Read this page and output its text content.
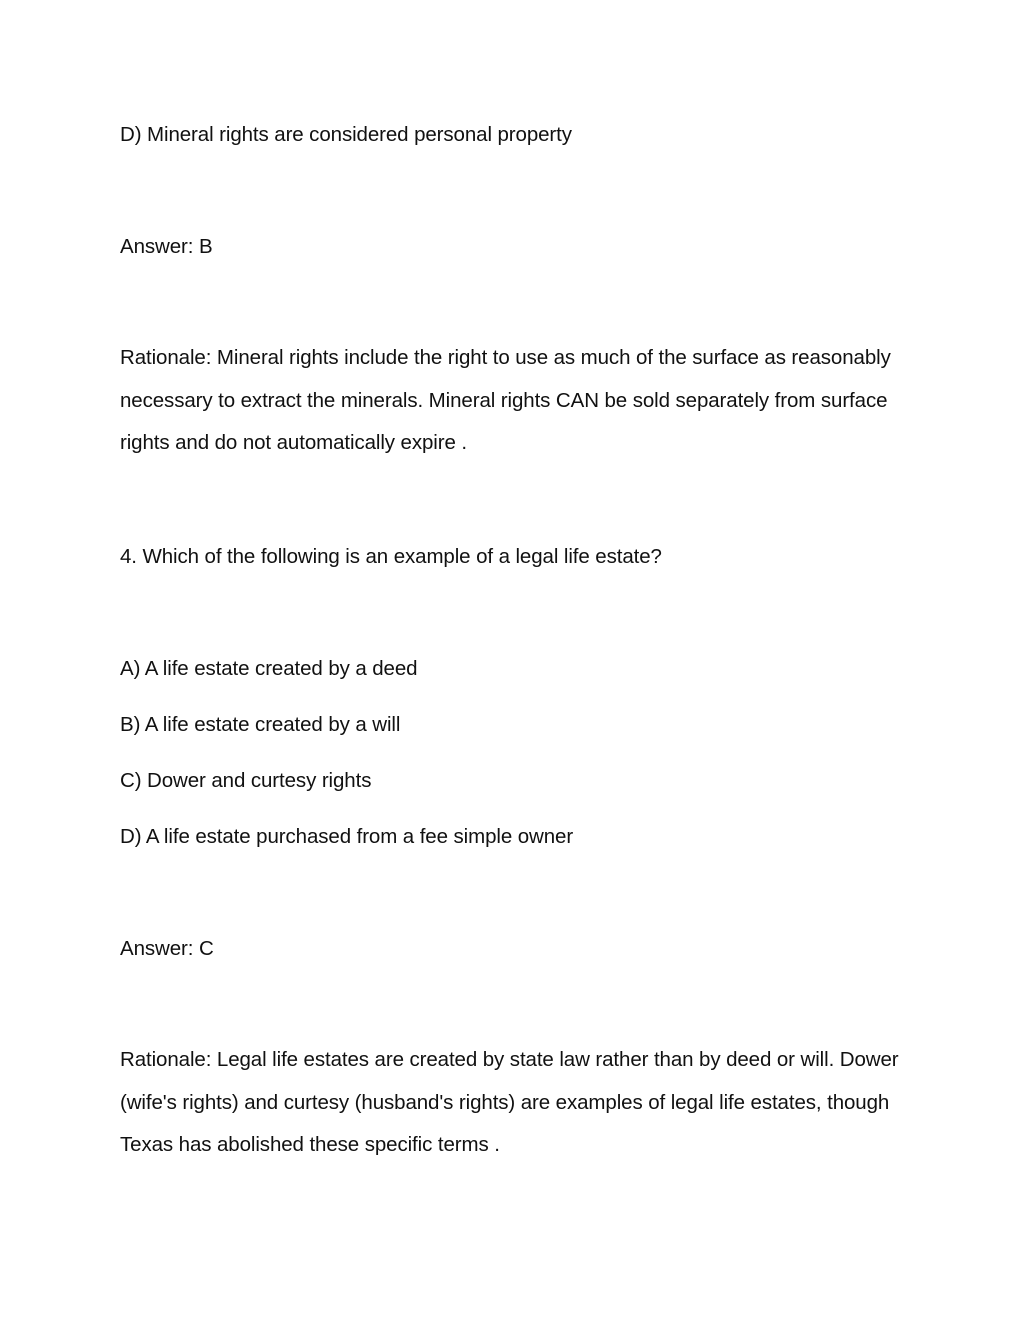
D) Mineral rights are considered personal property
Answer: B
Rationale: Mineral rights include the right to use as much of the surface as reasonably necessary to extract the minerals. Mineral rights CAN be sold separately from surface rights and do not automatically expire .
4. Which of the following is an example of a legal life estate?
A) A life estate created by a deed
B) A life estate created by a will
C) Dower and curtesy rights
D) A life estate purchased from a fee simple owner
Answer: C
Rationale: Legal life estates are created by state law rather than by deed or will. Dower (wife's rights) and curtesy (husband's rights) are examples of legal life estates, though Texas has abolished these specific terms .
